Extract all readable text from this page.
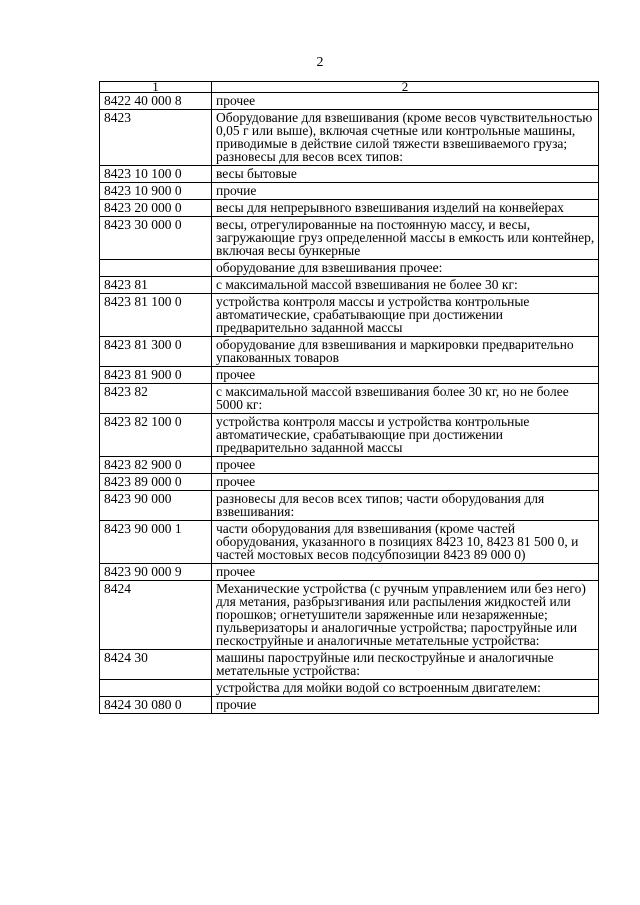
2
1	2
8422 40 000 8	прочее
8423	Оборудование для взвешивания (кроме весов чувствительностью 0,05 г или выше), включая счетные или контрольные машины, приводимые в действие силой тяжести взвешиваемого груза; разновесы для весов всех типов:
8423 10 100 0	весы бытовые
8423 10 900 0	прочие
8423 20 000 0	весы для непрерывного взвешивания изделий на конвейерах
8423 30 000 0	весы, отрегулированные на постоянную массу, и весы, загружающие груз определенной массы в емкость или контейнер, включая весы бункерные
	оборудование для взвешивания прочее:
8423 81	с максимальной массой взвешивания не более 30 кг:
8423 81 100 0	устройства контроля массы и устройства контрольные автоматические, срабатывающие при достижении предварительно заданной массы
8423 81 300 0	оборудование для взвешивания и маркировки предварительно упакованных товаров
8423 81 900 0	прочее
8423 82	с максимальной массой взвешивания более 30 кг, но не более 5000 кг:
8423 82 100 0	устройства контроля массы и устройства контрольные автоматические, срабатывающие при достижении предварительно заданной массы
8423 82 900 0	прочее
8423 89 000 0	прочее
8423 90 000	разновесы для весов всех типов; части оборудования для взвешивания:
8423 90 000 1	части оборудования для взвешивания (кроме частей оборудования, указанного в позициях 8423 10, 8423 81 500 0, и частей мостовых весов подсубпозиции 8423 89 000 0)
8423 90 000 9	прочее
8424	Механические устройства (с ручным управлением или без него) для метания, разбрызгивания или распыления жидкостей или порошков; огнетушители заряженные или незаряженные; пульверизаторы и аналогичные устройства; пароструйные или пескоструйные и аналогичные метательные устройства:
8424 30	машины пароструйные или пескоструйные и аналогичные метательные устройства:
	устройства для мойки водой со встроенным двигателем:
8424 30 080 0	прочие
